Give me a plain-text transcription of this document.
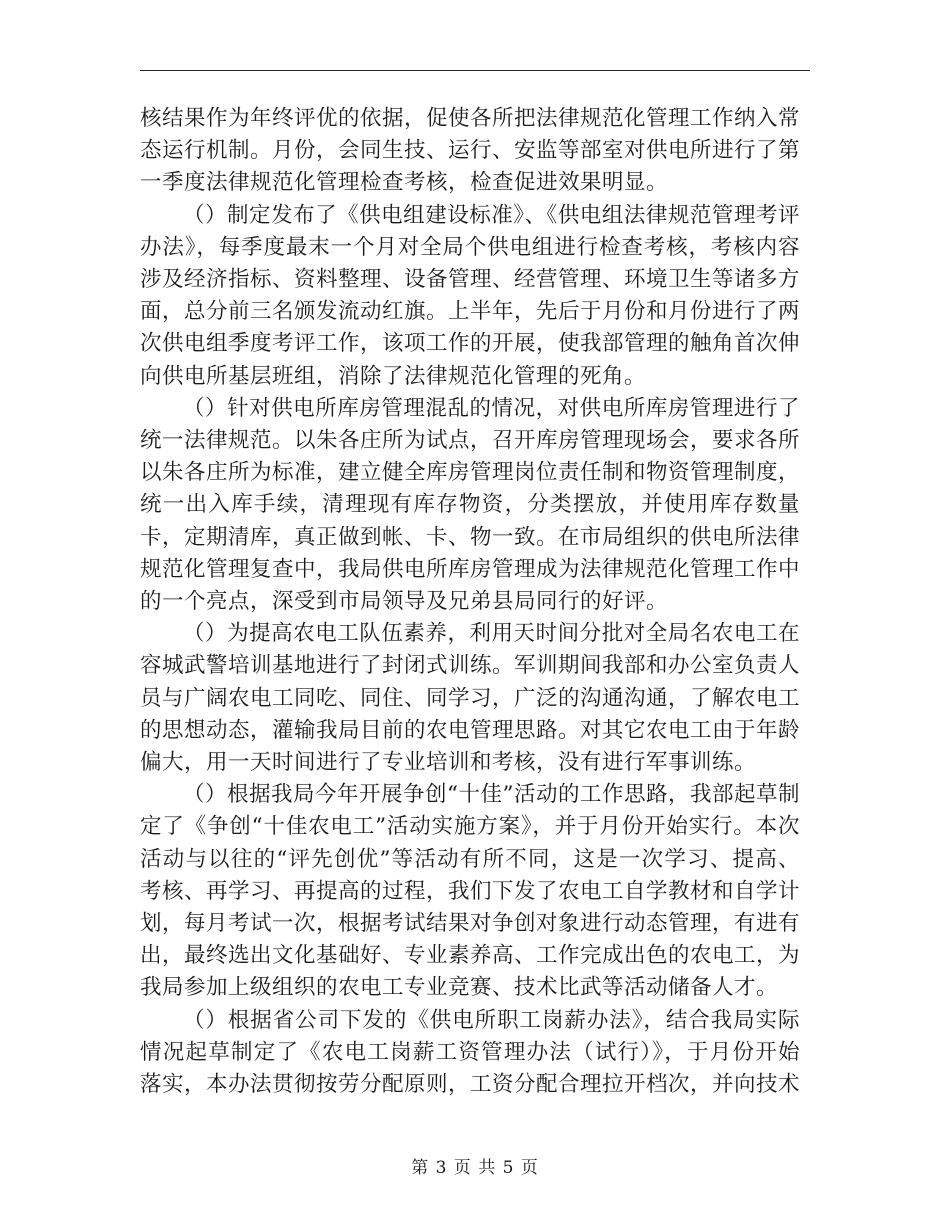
核结果作为年终评优的依据，促使各所把法律规范化管理工作纳入常态运行机制。月份，会同生技、运行、安监等部室对供电所进行了第一季度法律规范化管理检查考核，检查促进效果明显。

（）制定发布了《供电组建设标准》、《供电组法律规范管理考评办法》，每季度最末一个月对全局个供电组进行检查考核，考核内容涉及经济指标、资料整理、设备管理、经营管理、环境卫生等诸多方面，总分前三名颁发流动红旗。上半年，先后于月份和月份进行了两次供电组季度考评工作，该项工作的开展，使我部管理的触角首次伸向供电所基层班组，消除了法律规范化管理的死角。

（）针对供电所库房管理混乱的情况，对供电所库房管理进行了统一法律规范。以朱各庄所为试点，召开库房管理现场会，要求各所以朱各庄所为标准，建立健全库房管理岗位责任制和物资管理制度，统一出入库手续，清理现有库存物资，分类摆放，并使用库存数量卡，定期清库，真正做到帐、卡、物一致。在市局组织的供电所法律规范化管理复查中，我局供电所库房管理成为法律规范化管理工作中的一个亮点，深受到市局领导及兄弟县局同行的好评。

（）为提高农电工队伍素养，利用天时间分批对全局名农电工在容城武警培训基地进行了封闭式训练。军训期间我部和办公室负责人员与广阔农电工同吃、同住、同学习，广泛的沟通沟通，了解农电工的思想动态，灌输我局目前的农电管理思路。对其它农电工由于年龄偏大，用一天时间进行了专业培训和考核，没有进行军事训练。

（）根据我局今年开展争创“十佳”活动的工作思路，我部起草制定了《争创“十佳农电工”活动实施方案》，并于月份开始实行。本次活动与以往的“评先创优”等活动有所不同，这是一次学习、提高、考核、再学习、再提高的过程，我们下发了农电工自学教材和自学计划，每月考试一次，根据考试结果对争创对象进行动态管理，有进有出，最终选出文化基础好、专业素养高、工作完成出色的农电工，为我局参加上级组织的农电工专业竞赛、技术比武等活动储备人才。

（）根据省公司下发的《供电所职工岗薪办法》，结合我局实际情况起草制定了《农电工岗薪工资管理办法（试行）》，于月份开始落实，本办法贯彻按劳分配原则，工资分配合理拉开档次，并向技术

第 3 页 共 5 页
